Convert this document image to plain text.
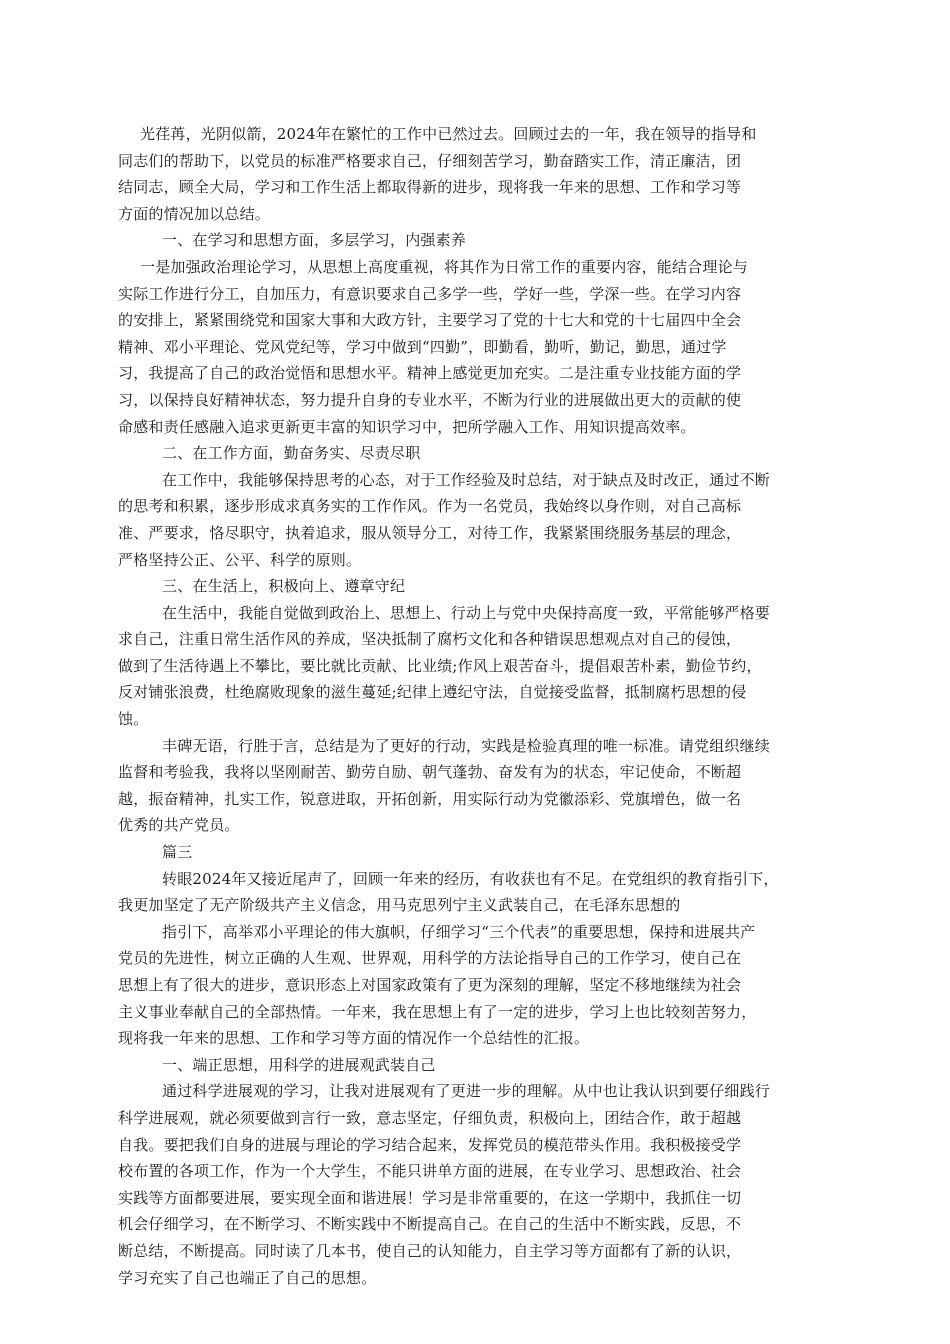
光荏苒，光阴似箭，2024年在繁忙的工作中已然过去。回顾过去的一年，我在领导的指导和
同志们的帮助下，以党员的标准严格要求自己，仔细刻苦学习，勤奋踏实工作，清正廉洁，团
结同志，顾全大局，学习和工作生活上都取得新的进步，现将我一年来的思想、工作和学习等
方面的情况加以总结。
一、在学习和思想方面，多层学习，内强素养
一是加强政治理论学习，从思想上高度重视，将其作为日常工作的重要内容，能结合理论与
实际工作进行分工，自加压力，有意识要求自己多学一些，学好一些，学深一些。在学习内容
的安排上，紧紧围绕党和国家大事和大政方针，主要学习了党的十七大和党的十七届四中全会
精神、邓小平理论、党风党纪等，学习中做到“四勤”，即勤看，勤听，勤记，勤思，通过学
习，我提高了自己的政治觉悟和思想水平。精神上感觉更加充实。二是注重专业技能方面的学
习，以保持良好精神状态，努力提升自身的专业水平，不断为行业的进展做出更大的贡献的使
命感和责任感融入追求更新更丰富的知识学习中，把所学融入工作、用知识提高效率。
二、在工作方面，勤奋务实、尽责尽职
在工作中，我能够保持思考的心态，对于工作经验及时总结，对于缺点及时改正，通过不断
的思考和积累，逐步形成求真务实的工作作风。作为一名党员，我始终以身作则，对自己高标
准、严要求，恪尽职守，执着追求，服从领导分工，对待工作，我紧紧围绕服务基层的理念，
严格坚持公正、公平、科学的原则。
三、在生活上，积极向上、遵章守纪
在生活中，我能自觉做到政治上、思想上、行动上与党中央保持高度一致，平常能够严格要
求自己，注重日常生活作风的养成，坚决抵制了腐朽文化和各种错误思想观点对自己的侵蚀，
做到了生活待遇上不攀比，要比就比贡献、比业绩;作风上艰苦奋斗，提倡艰苦朴素，勤俭节约，
反对铺张浪费，杜绝腐败现象的滋生蔓延;纪律上遵纪守法，自觉接受监督，抵制腐朽思想的侵
蚀。
丰碑无语，行胜于言，总结是为了更好的行动，实践是检验真理的唯一标准。请党组织继续
监督和考验我，我将以坚刚耐苦、勤劳自励、朝气蓬勃、奋发有为的状态，牢记使命，不断超
越，振奋精神，扎实工作，锐意进取，开拓创新，用实际行动为党徽添彩、党旗增色，做一名
优秀的共产党员。
篇三
转眼2024年又接近尾声了，回顾一年来的经历，有收获也有不足。在党组织的教育指引下，
我更加坚定了无产阶级共产主义信念，用马克思列宁主义武装自己，在毛泽东思想的
指引下，高举邓小平理论的伟大旗帜，仔细学习“三个代表”的重要思想，保持和进展共产
党员的先进性，树立正确的人生观、世界观，用科学的方法论指导自己的工作学习，使自己在
思想上有了很大的进步，意识形态上对国家政策有了更为深刻的理解，坚定不移地继续为社会
主义事业奉献自己的全部热情。一年来，我在思想上有了一定的进步，学习上也比较刻苦努力，
现将我一年来的思想、工作和学习等方面的情况作一个总结性的汇报。
一、端正思想，用科学的进展观武装自己
通过科学进展观的学习，让我对进展观有了更进一步的理解。从中也让我认识到要仔细践行
科学进展观，就必须要做到言行一致，意志坚定，仔细负责，积极向上，团结合作，敢于超越
自我。要把我们自身的进展与理论的学习结合起来，发挥党员的模范带头作用。我积极接受学
校布置的各项工作，作为一个大学生，不能只讲单方面的进展，在专业学习、思想政治、社会
实践等方面都要进展，要实现全面和谐进展！学习是非常重要的，在这一学期中，我抓住一切
机会仔细学习，在不断学习、不断实践中不断提高自己。在自己的生活中不断实践，反思，不
断总结，不断提高。同时读了几本书，使自己的认知能力，自主学习等方面都有了新的认识，
学习充实了自己也端正了自己的思想。
